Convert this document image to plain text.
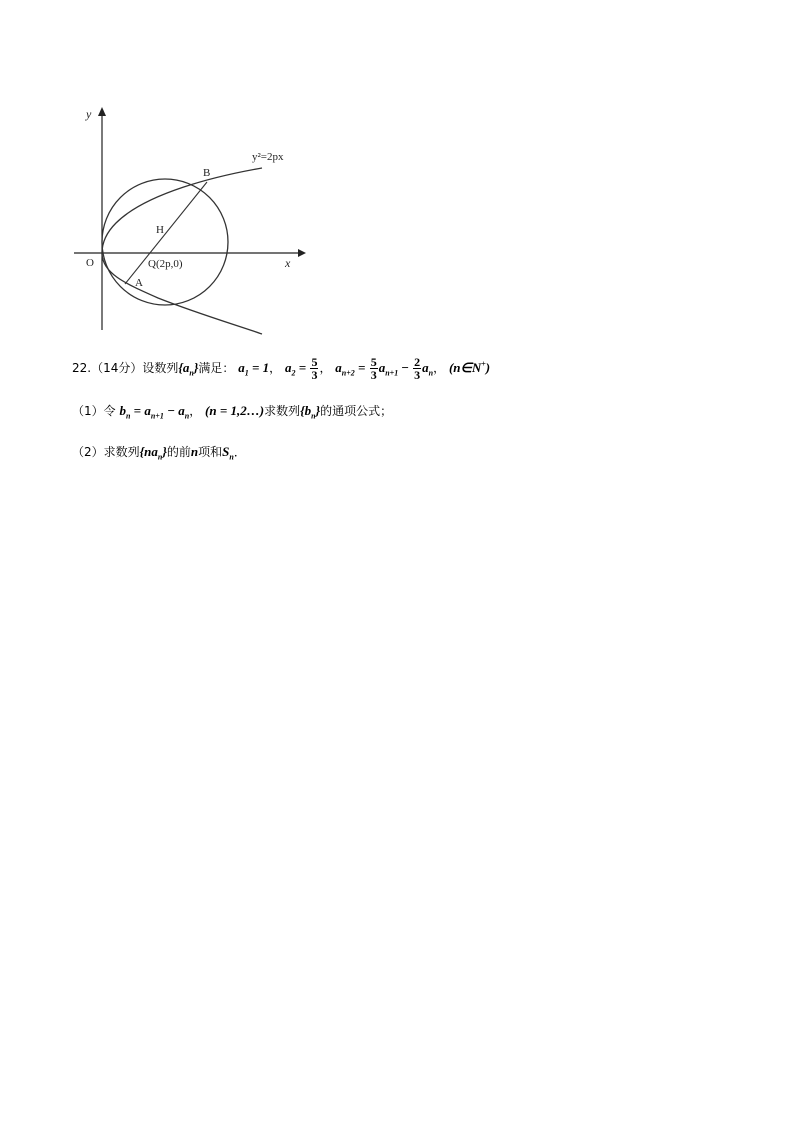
y
x
O
B
H
A
Q(2p,0)
y²=2px
22.（14分）设数列$\{a_n\}$满足： $a_1 = 1$， $a_2 = \frac{5}{3}$ ， $a_{n+2} = \frac{5}{3} a_{n+1} - \frac{2}{3} a_n$， (n∈N+)
（1）令 $b_n = a_{n+1} - a_n$， (n = 1,2…)求数列$\{b_n\}$的通项公式；
（2）求数列$\{na_n\}$的前n项和$S_n$．
